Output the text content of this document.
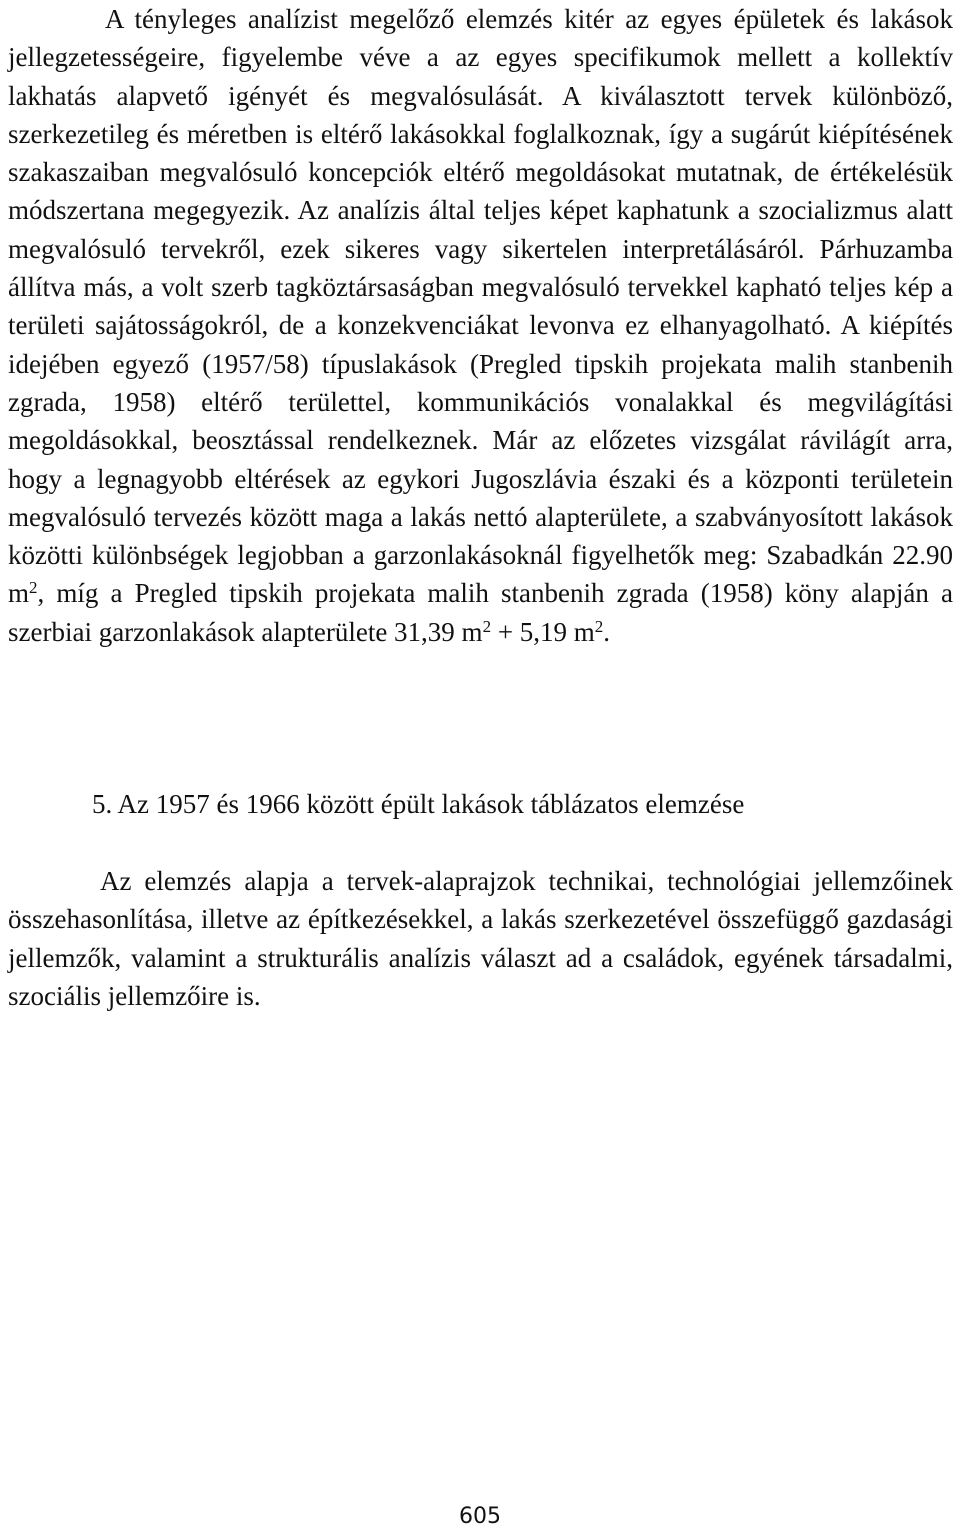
A tényleges analízist megelőző elemzés kitér az egyes épületek és lakások jellegzetességeire, figyelembe véve a az egyes specifikumok mellett a kollektív lakhatás alapvető igényét és megvalósulását. A kiválasztott tervek különböző, szerkezetileg és méretben is eltérő lakásokkal foglalkoznak, így a sugárút kiépítésének szakaszaiban megvalósuló koncepciók eltérő megoldásokat mutatnak, de értékelésük módszertana megegyezik. Az analízis által teljes képet kaphatunk a szocializmus alatt megvalósuló tervekről, ezek sikeres vagy sikertelen interpretálásáról. Párhuzamba állítva más, a volt szerb tagköztársaságban megvalósuló tervekkel kapható teljes kép a területi sajátosságokról, de a konzekvenciákat levonva ez elhanyagolható. A kiépítés idejében egyező (1957/58) típuslakások (Pregled tipskih projekata malih stanbenih zgrada, 1958) eltérő területtel, kommunikációs vonalakkal és megvilágítási megoldásokkal, beosztással rendelkeznek. Már az előzetes vizsgálat rávilágít arra, hogy a legnagyobb eltérések az egykori Jugoszlávia északi és a központi területein megvalósuló tervezés között maga a lakás nettó alapterülete, a szabványosított lakások közötti különbségek legjobban a garzonlakásoknál figyelhetők meg: Szabadkán 22.90 $m^2$, míg a Pregled tipskih projekata malih stanbenih zgrada (1958) köny alapján a szerbiai garzonlakások alapterülete 31,39 $m^2 + 5,19$ $m^2$.

5. Az 1957 és 1966 között épült lakások táblázatos elemzése

Az elemzés alapja a tervek-alaprajzok technikai, technológiai jellemzőinek összehasonlítása, illetve az építkezésekkel, a lakás szerkezetével összefüggő gazdasági jellemzők, valamint a strukturális analízis választ ad a családok, egyének társadalmi, szociális jellemzőire is.

605
